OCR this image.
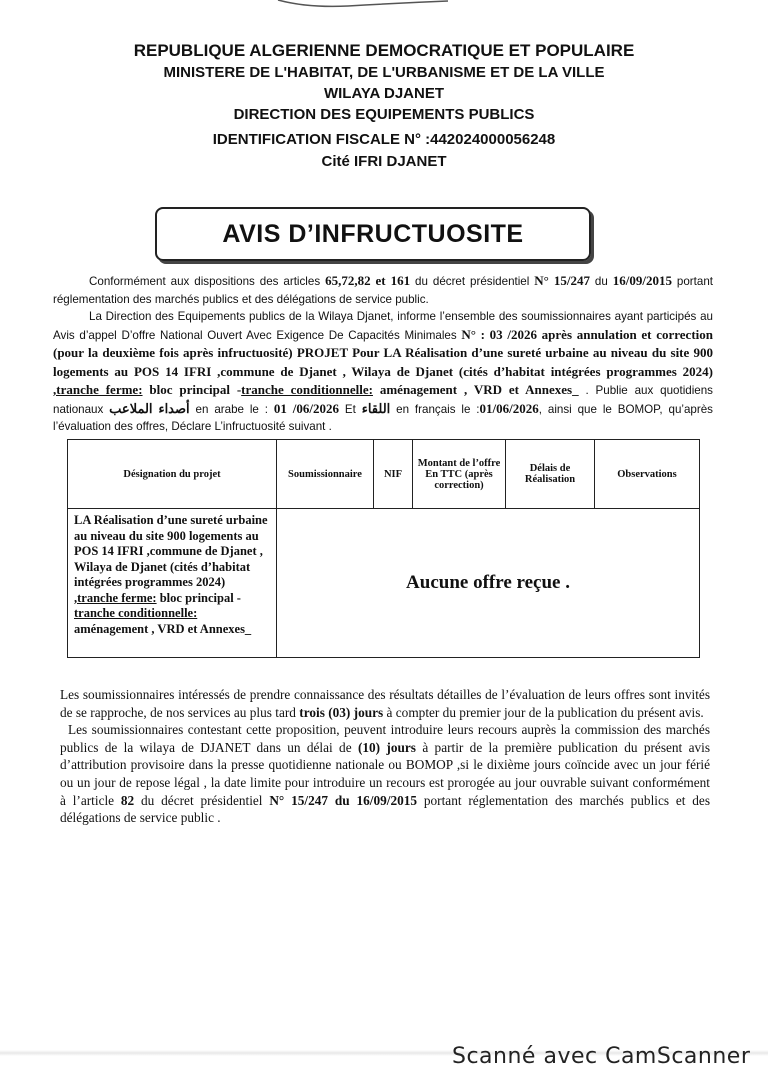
REPUBLIQUE ALGERIENNE DEMOCRATIQUE ET POPULAIRE
MINISTERE DE L'HABITAT, DE L'URBANISME ET DE LA VILLE
WILAYA DJANET
DIRECTION DES EQUIPEMENTS PUBLICS
IDENTIFICATION FISCALE N° :442024000056248
Cité IFRI DJANET
AVIS D’INFRUCTUOSITE

Conformément aux dispositions des articles 65,72,82 et 161 du décret présidentiel N° 15/247 du 16/09/2015 portant réglementation des marchés publics et des délégations de service public.

La Direction des Equipements publics de la Wilaya Djanet, informe l’ensemble des soumissionnaires ayant participés au Avis d’appel D’offre National Ouvert Avec Exigence De Capacités Minimales N° : 03 /2026 après annulation et correction (pour la deuxième fois après infructuosité) PROJET Pour LA Réalisation d’une sureté urbaine au niveau du site 900 logements au POS 14 IFRI ,commune de Djanet , Wilaya de Djanet (cités d’habitat intégrées programmes 2024) ,tranche ferme: bloc principal -tranche conditionnelle: aménagement , VRD et Annexes_ . Publie aux quotidiens nationaux أصداء الملاعب en arabe le : 01 /06/2026 Et اللقاء en français le :01/06/2026, ainsi que le BOMOP, qu’après l’évaluation des offres, Déclare L’infructuosité suivant .

Désignation du projet	Soumissionnaire	NIF	Montant de l’offre En TTC (après correction)	Délais de Réalisation	Observations
LA Réalisation d’une sureté urbaine au niveau du site 900 logements au POS 14 IFRI ,commune de Djanet , Wilaya de Djanet (cités d’habitat intégrées programmes 2024) ,tranche ferme: bloc principal -tranche conditionnelle: aménagement , VRD et Annexes_	Aucune offre reçue .				

Les soumissionnaires intéressés de prendre connaissance des résultats détailles de l’évaluation de leurs offres sont invités de se rapproche, de nos services au plus tard trois (03) jours à compter du premier jour de la publication du présent avis.

Les soumissionnaires contestant cette proposition, peuvent introduire leurs recours auprès la commission des marchés publics de la wilaya de DJANET dans un délai de (10) jours à partir de la première publication du présent avis d’attribution provisoire dans la presse quotidienne nationale ou BOMOP ,si le dixième jours coïncide avec un jour férié ou un jour de repose légal , la date limite pour introduire un recours est prorogée au jour ouvrable suivant conformément à l’article 82 du décret présidentiel N° 15/247 du 16/09/2015 portant réglementation des marchés publics et des délégations de service public .

Scanné avec CamScanner
